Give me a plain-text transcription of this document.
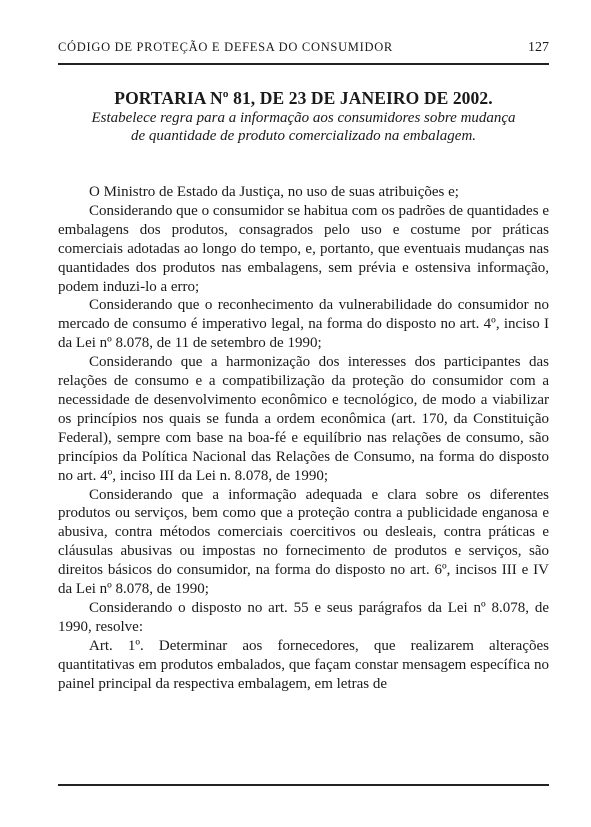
CÓDIGO DE PROTEÇÃO E DEFESA DO CONSUMIDOR	127
PORTARIA Nº 81, DE 23 DE JANEIRO DE 2002.
Estabelece regra para a informação aos consumidores sobre mudança
de quantidade de produto comercializado na embalagem.

O Ministro de Estado da Justiça, no uso de suas atribuições e;

Considerando que o consumidor se habitua com os padrões de quantidades e embalagens dos produtos, consagrados pelo uso e costume por práticas comerciais adotadas ao longo do tempo, e, portanto, que eventuais mudanças nas quantidades dos produtos nas embalagens, sem prévia e ostensiva informação, podem induzi-lo a erro;

Considerando que o reconhecimento da vulnerabilidade do consumidor no mercado de consumo é imperativo legal, na forma do disposto no art. 4º, inciso I da Lei nº 8.078, de 11 de setembro de 1990;

Considerando que a harmonização dos interesses dos participantes das relações de consumo e a compatibilização da proteção do consumidor com a necessidade de desenvolvimento econômico e tecnológico, de modo a viabilizar os princípios nos quais se funda a ordem econômica (art. 170, da Constituição Federal), sempre com base na boa-fé e equilíbrio nas relações de consumo, são princípios da Política Nacional das Relações de Consumo, na forma do disposto no art. 4º, inciso III da Lei n. 8.078, de 1990;

Considerando que a informação adequada e clara sobre os diferentes produtos ou serviços, bem como que a proteção contra a publicidade enganosa e abusiva, contra métodos comerciais coercitivos ou desleais, contra práticas e cláusulas abusivas ou impostas no fornecimento de produtos e serviços, são direitos básicos do consumidor, na forma do disposto no art. 6º, incisos III e IV da Lei nº 8.078, de 1990;

Considerando o disposto no art. 55 e seus parágrafos da Lei nº 8.078, de 1990, resolve:

Art. 1º. Determinar aos fornecedores, que realizarem alterações quantitativas em produtos embalados, que façam constar mensagem específica no painel principal da respectiva embalagem, em letras de
